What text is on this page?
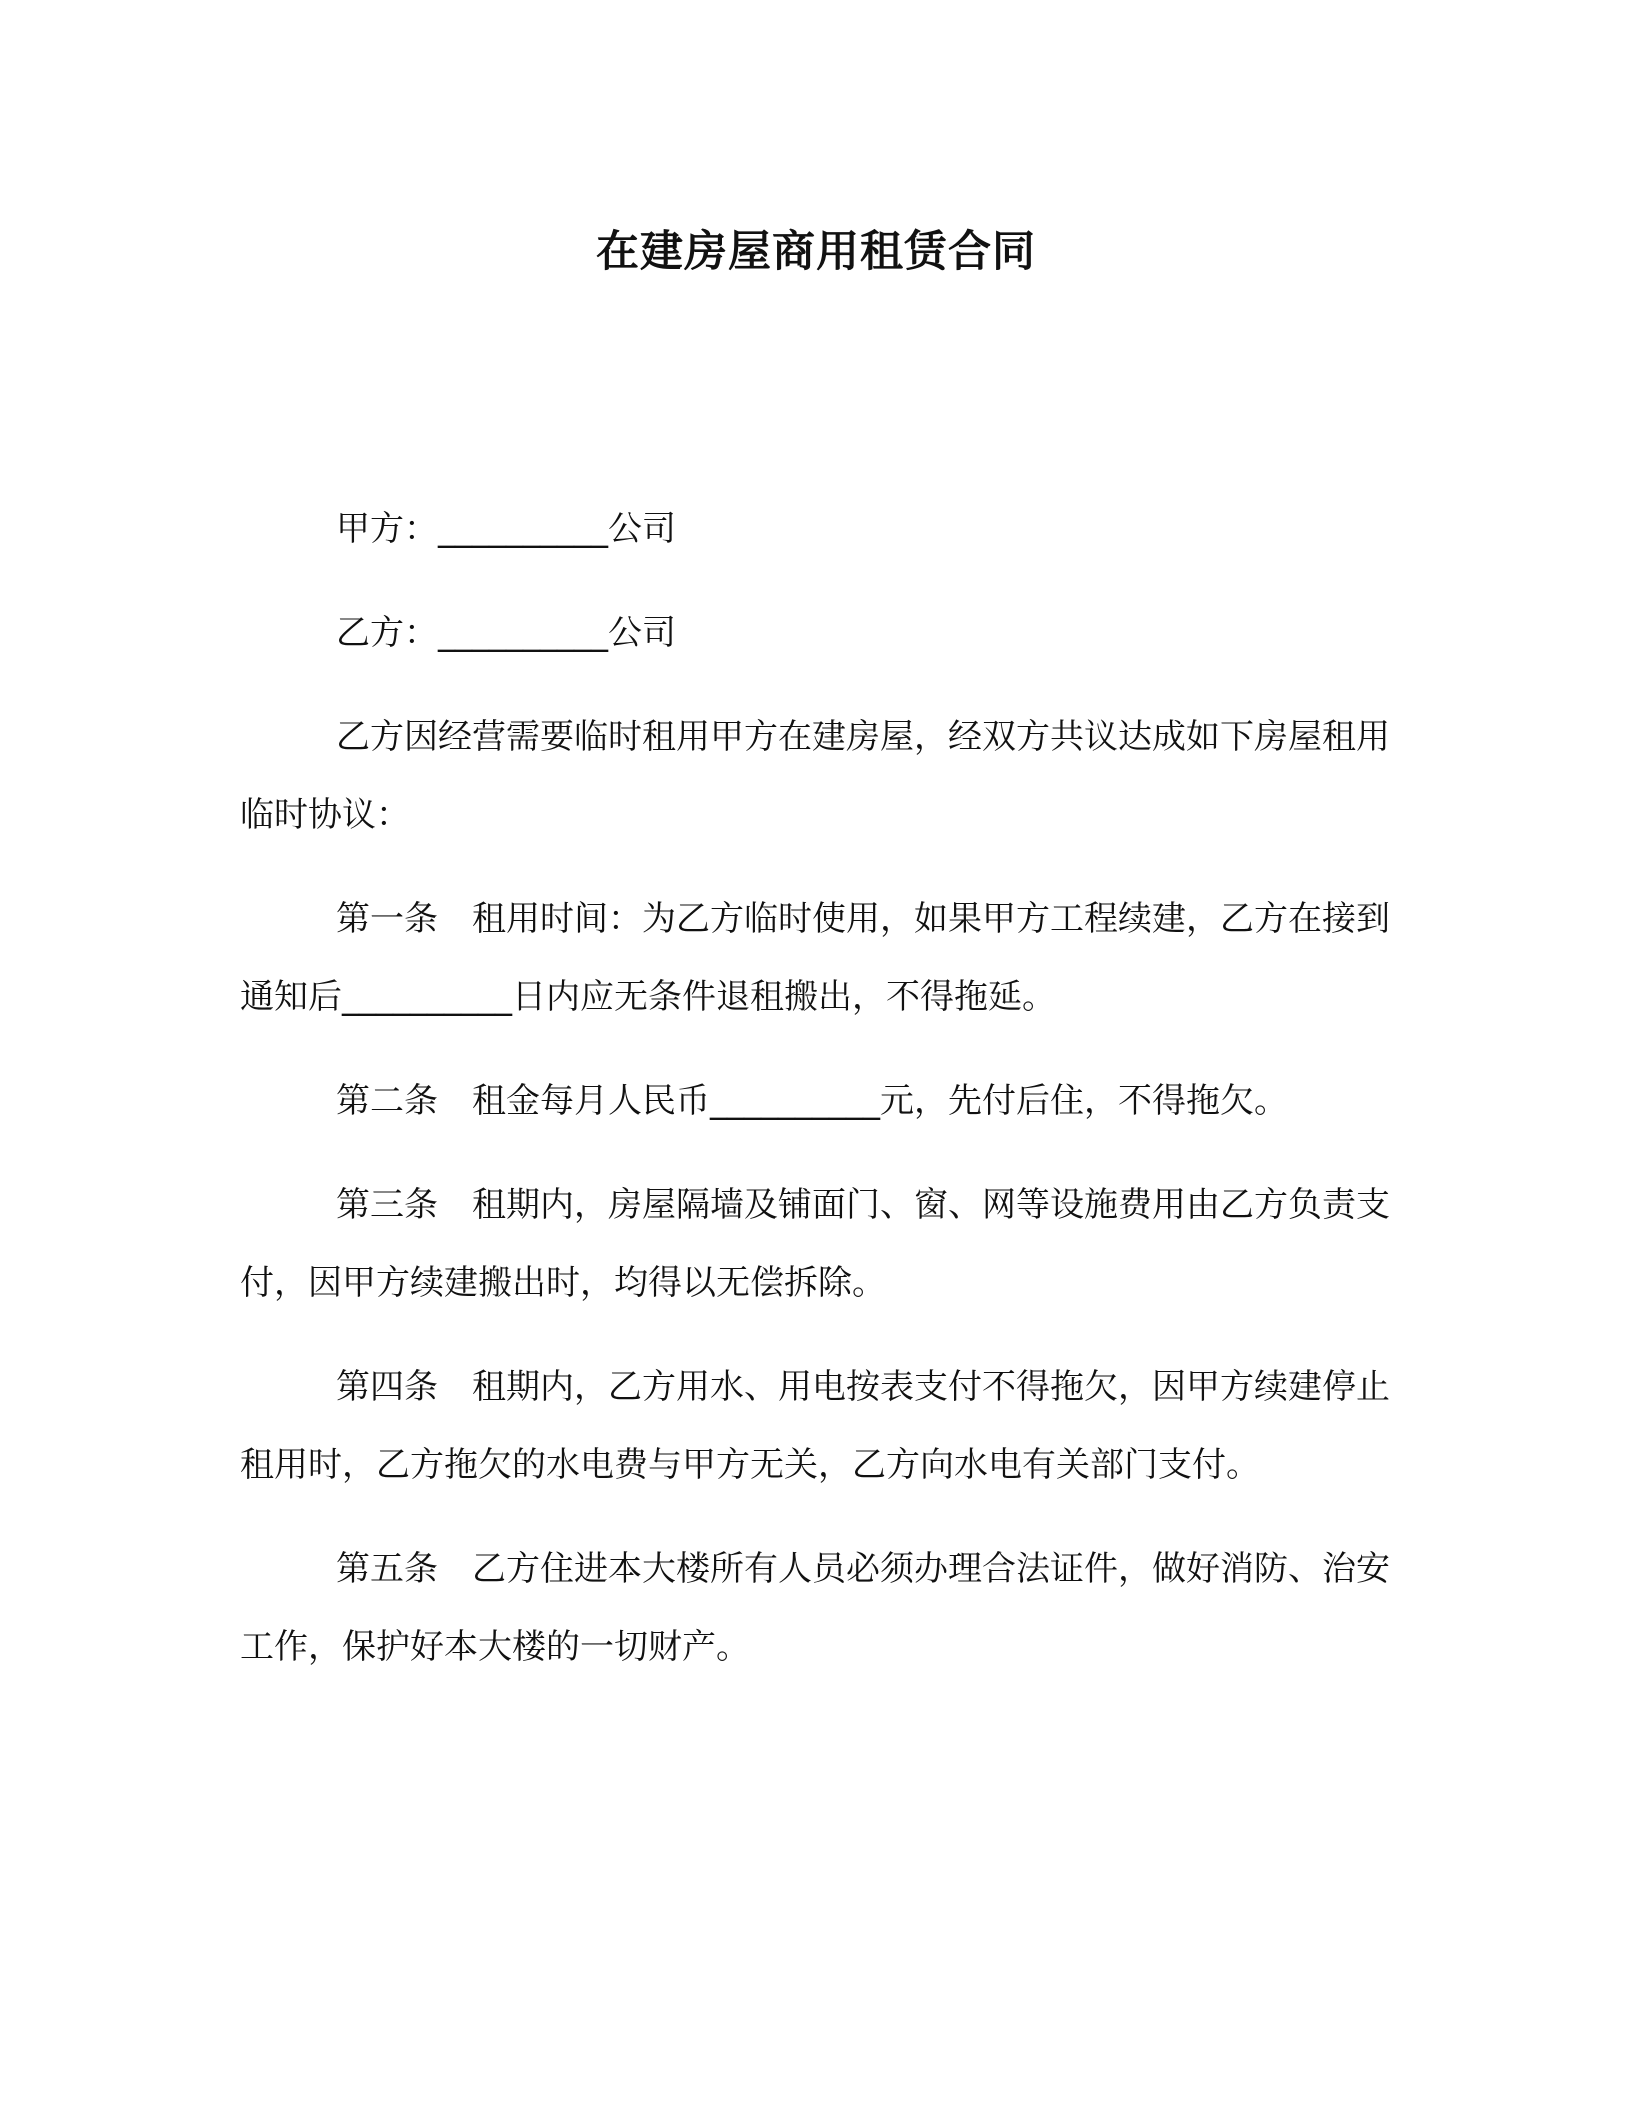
在建房屋商用租赁合同

甲方：__________公司

乙方：__________公司

乙方因经营需要临时租用甲方在建房屋，经双方共议达成如下房屋租用临时协议：

第一条 租用时间：为乙方临时使用，如果甲方工程续建，乙方在接到通知后__________日内应无条件退租搬出，不得拖延。

第二条 租金每月人民币__________元，先付后住，不得拖欠。

第三条 租期内，房屋隔墙及铺面门、窗、网等设施费用由乙方负责支付，因甲方续建搬出时，均得以无偿拆除。

第四条 租期内，乙方用水、用电按表支付不得拖欠，因甲方续建停止租用时，乙方拖欠的水电费与甲方无关，乙方向水电有关部门支付。

第五条 乙方住进本大楼所有人员必须办理合法证件，做好消防、治安工作，保护好本大楼的一切财产。
